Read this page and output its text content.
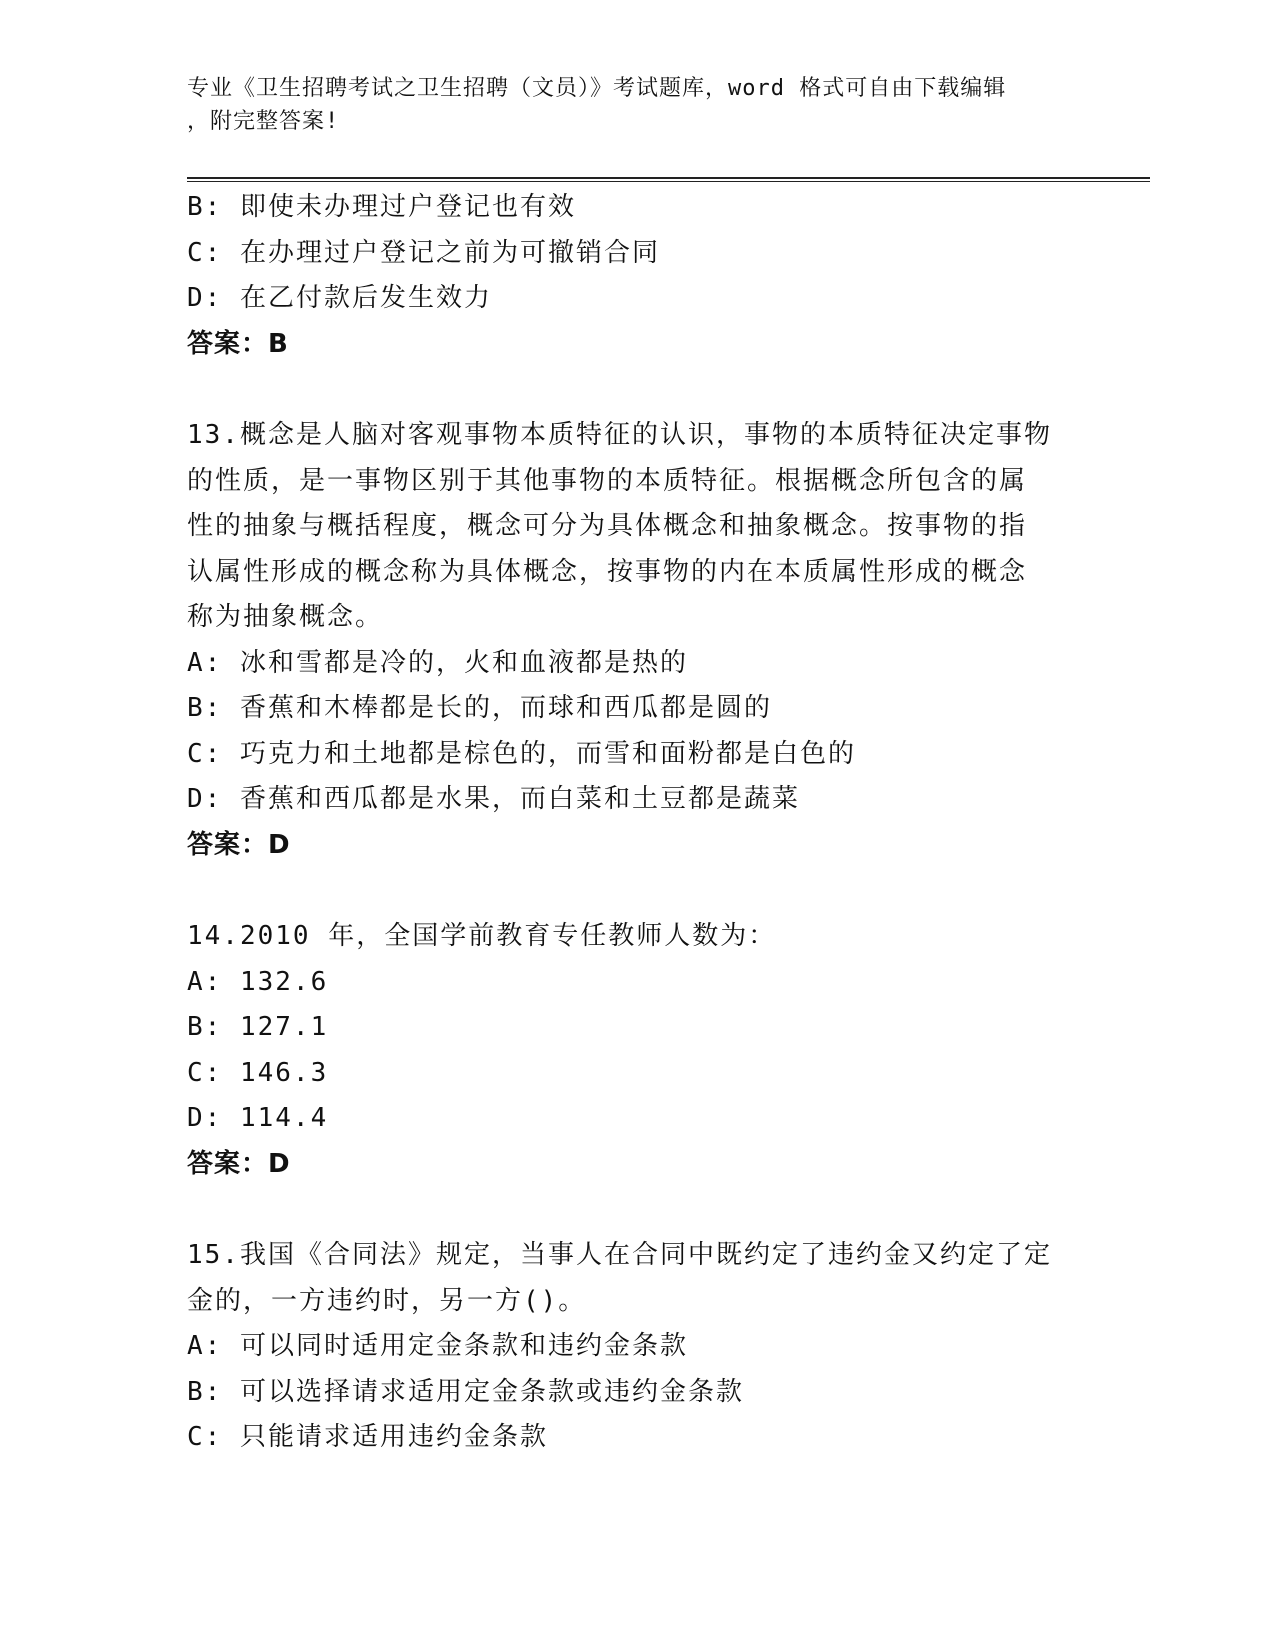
专业《卫生招聘考试之卫生招聘（文员）》考试题库，word 格式可自由下载编辑
，附完整答案!
B: 即使未办理过户登记也有效
C: 在办理过户登记之前为可撤销合同
D: 在乙付款后发生效力
答案：B
13.概念是人脑对客观事物本质特征的认识，事物的本质特征决定事物
的性质，是一事物区别于其他事物的本质特征。根据概念所包含的属
性的抽象与概括程度，概念可分为具体概念和抽象概念。按事物的指
认属性形成的概念称为具体概念，按事物的内在本质属性形成的概念
称为抽象概念。
A: 冰和雪都是冷的，火和血液都是热的
B: 香蕉和木棒都是长的，而球和西瓜都是圆的
C: 巧克力和土地都是棕色的，而雪和面粉都是白色的
D: 香蕉和西瓜都是水果，而白菜和土豆都是蔬菜
答案：D
14.2010 年，全国学前教育专任教师人数为：
A: 132.6
B: 127.1
C: 146.3
D: 114.4
答案：D
15.我国《合同法》规定，当事人在合同中既约定了违约金又约定了定
金的，一方违约时，另一方()。
A: 可以同时适用定金条款和违约金条款
B: 可以选择请求适用定金条款或违约金条款
C: 只能请求适用违约金条款
